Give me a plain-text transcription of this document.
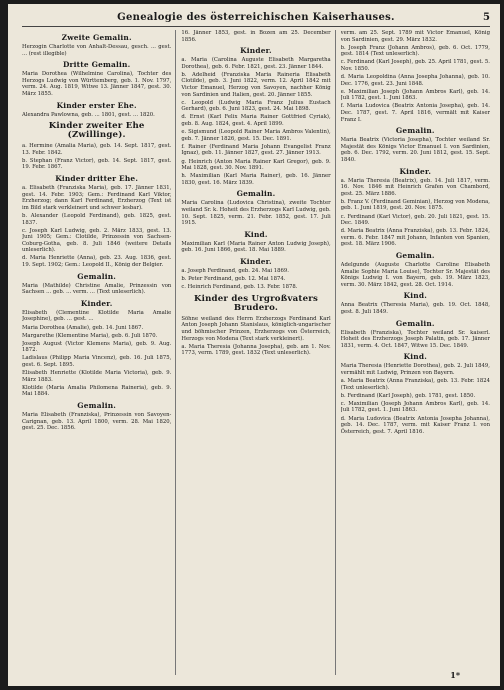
Genealogie des österreichischen Kaiserhauses.	5
Zweite Gemalin.
Herzogin Charlotte von Anhalt-Dessau, gesch. ... gest. ... (rest illegible)
Dritte Gemalin.
Maria Dorothea (Wilhelmine Carolina), Tochter des Herzogs Ludwig von Württemberg, geb. 1. Nov. 1797, verm. 24. Aug. 1819, Witwe 13. Jänner 1847, gest. 30. März 1855.
Kinder erster Ehe.
Alexandra Pawlowna, geb. ... 1801, gest. ... 1820.
Kinder zweiter Ehe (Zwillinge).
a. Hermine (Amalia Maria), geb. 14. Sept. 1817, gest. 13. Febr. 1842.
b. Stephan (Franz Victor), geb. 14. Sept. 1817, gest. 19. Febr. 1867.
Kinder dritter Ehe.
a. Elisabeth (Franziska Maria), geb. 17. Jänner 1831, gest. 14. Febr. 1903; Gem.: Ferdinand Karl Viktor, Erzherzog; dann Karl Ferdinand, Erzherzog (Text ist im Bild stark verkleinert und schwer lesbar).
b. Alexander (Leopold Ferdinand), geb. 1825, gest. 1837.
c. Joseph Karl Ludwig, geb. 2. März 1833, gest. 13. Juni 1905; Gem.: Clotilde, Prinzessin von Sachsen-Coburg-Gotha, geb. 8. Juli 1846 (weitere Details unleserlich).
d. Maria Henriette (Anna), geb. 23. Aug. 1836, gest. 19. Sept. 1902; Gem.: Leopold II., König der Belgier.
Gemalin.
Maria (Mathilde) Christine Amalie, Prinzessin von Sachsen ... geb. ... verm. ... (Text unleserlich).
Kinder.
Elisabeth (Clementine Klotilde Maria Amalie Josephine), geb. ... gest. ...
Maria Dorothea (Amalie), geb. 14. Juni 1867.
Margarethe (Klementine Maria), geb. 6. Juli 1870.
Joseph August (Victor Klemens Maria), geb. 9. Aug. 1872.
Ladislaus (Philipp Maria Vincenz), geb. 16. Juli 1875, gest. 6. Sept. 1895.
Elisabeth Henriette (Klotilde Maria Victoria), geb. 9. März 1883.
Klotilde (Maria Amalia Philomena Raineria), geb. 9. Mai 1884.
Gemalin.
Maria Elisabeth (Franziska), Prinzessin von Savoyen-Carignan, geb. 13. April 1800, verm. 28. Mai 1820, gest. 25. Dec. 1856.
16. Jänner 1853, gest. in Bozen am 25. December 1856.
Kinder.
a. Maria (Carolina Auguste Elisabeth Margaretha Dorothea), geb. 6. Febr. 1821, gest. 23. Jänner 1844.
b. Adelheid (Franziska Maria Raineria Elisabeth Clotilde), geb. 3. Juni 1822, verm. 12. April 1842 mit Victor Emanuel, Herzog von Savoyen, nachher König von Sardinien und Italien, gest. 20. Jänner 1855.
c. Leopold (Ludwig Maria Franz Julius Eustach Gerhard), geb. 6. Juni 1823, gest. 24. Mai 1898.
d. Ernst (Karl Felix Maria Rainer Gottfried Cyriak), geb. 8. Aug. 1824, gest. 4. April 1899.
e. Sigismund (Leopold Rainer Maria Ambros Valentin), geb. 7. Jänner 1826, gest. 15. Dec. 1891.
f. Rainer (Ferdinand Maria Johann Evangelist Franz Ignaz), geb. 11. Jänner 1827, gest. 27. Jänner 1913.
g. Heinrich (Anton Maria Rainer Karl Gregor), geb. 9. Mai 1828, gest. 30. Nov. 1891.
h. Maximilian (Karl Maria Rainer), geb. 16. Jänner 1830, gest. 16. März 1839.
Gemalin.
Maria Carolina (Ludovica Christina), zweite Tochter weiland Sr. k. Hoheit des Erzherzogs Karl Ludwig, geb. 10. Sept. 1825, verm. 21. Febr. 1852, gest. 17. Juli 1915.
Kind.
Maximilian Karl (Maria Rainer Anton Ludwig Joseph), geb. 16. Juni 1866, gest. 18. Mai 1889.
Kinder.
a. Joseph Ferdinand, geb. 24. Mai 1869.
b. Peter Ferdinand, geb. 12. Mai 1874.
c. Heinrich Ferdinand, geb. 13. Febr. 1878.
Kinder des Urgroßvaters Brudero.
Söhne weiland des Herrn Erzherzogs Ferdinand Karl Anton Joseph Johann Stanislaus, königlich-ungarischer und böhmischer Prinzen, Erzherzogs von Österreich, Herzogs von Modena (Text stark verkleinert).
a. Maria Theresia (Johanna Josepha), geb. am 1. Nov. 1773, verm. 1789, gest. 1832 (Text unleserlich).
verm. am 25. Sept. 1789 mit Victor Emanuel, König von Sardinien, gest. 29. März 1832.
b. Joseph Franz (Johann Ambros), geb. 6. Oct. 1779, gest. 1814 (Text unleserlich).
c. Ferdinand (Karl Joseph), geb. 25. April 1781, gest. 5. Nov. 1850.
d. Maria Leopoldina (Anna Josepha Johanna), geb. 10. Dec. 1776, gest. 23. Juni 1848.
e. Maximilian Joseph (Johann Ambros Karl), geb. 14. Juli 1782, gest. 1. Juni 1863.
f. Maria Ludovica (Beatrix Antonia Josepha), geb. 14. Dec. 1787, gest. 7. April 1816, vermält mit Kaiser Franz I.
Gemalin.
Maria Beatrix (Victoria Josepha), Tochter weiland Sr. Majestät des Königs Victor Emanuel I. von Sardinien, geb. 6. Dec. 1792, verm. 20. Juni 1812, gest. 15. Sept. 1840.
Kinder.
a. Maria Theresia (Beatrix), geb. 14. Juli 1817, verm. 16. Nov. 1846 mit Heinrich Grafen von Chambord, gest. 25. März 1886.
b. Franz V. (Ferdinand Geminian), Herzog von Modena, geb. 1. Juni 1819, gest. 20. Nov. 1875.
c. Ferdinand (Karl Victor), geb. 20. Juli 1821, gest. 15. Dec. 1849.
d. Maria Beatrix (Anna Franziska), geb. 13. Febr. 1824, verm. 6. Febr. 1847 mit Johann, Infanten von Spanien, gest. 18. März 1906.
Gemalin.
Adelgunde (Auguste Charlotte Caroline Elisabeth Amalie Sophie Maria Louise), Tochter Sr. Majestät des Königs Ludwig I. von Bayern, geb. 19. März 1823, verm. 30. März 1842, gest. 28. Oct. 1914.
Kind.
Anna Beatrix (Theresia Maria), geb. 19. Oct. 1848, gest. 8. Juli 1849.
Gemalin.
Elisabeth (Franziska), Tochter weiland Sr. kaiserl. Hoheit des Erzherzogs Joseph Palatin, geb. 17. Jänner 1831, verm. 4. Oct. 1847, Witwe 15. Dec. 1849.
Kind.
Maria Theresia (Henriette Dorothea), geb. 2. Juli 1849, vermählt mit Ludwig, Prinzen von Bayern.
a. Maria Beatrix (Anna Franziska), geb. 13. Febr. 1824 (Text unleserlich).
b. Ferdinand (Karl Joseph), geb. 1781, gest. 1850.
c. Maximilian (Joseph Johann Ambros Karl), geb. 14. Juli 1782, gest. 1. Juni 1863.
d. Maria Ludovica (Beatrix Antonia Josepha Johanna), geb. 14. Dec. 1787, verm. mit Kaiser Franz I. von Österreich, gest. 7. April 1816.
1*
